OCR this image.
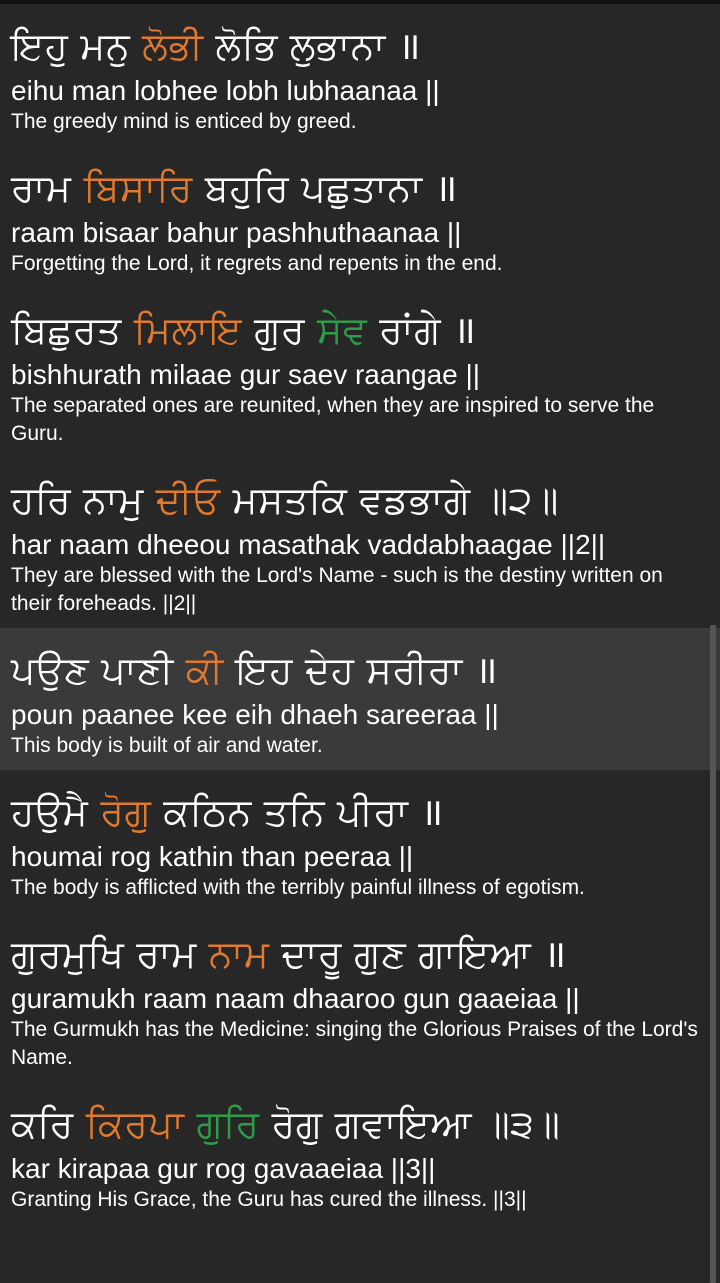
ਇਹੁ ਮਨੁ ਲੋਭੀ ਲੋਭਿ ਲੁਭਾਨਾ ॥
eihu man lobhee lobh lubhaanaa ||
The greedy mind is enticed by greed.
ਰਾਮ ਬਿਸਾਰਿ ਬਹੁਰਿ ਪਛੁਤਾਨਾ ॥
raam bisaar bahur pashhuthaanaa ||
Forgetting the Lord, it regrets and repents in the end.
ਬਿਛੁਰਤ ਮਿਲਾਇ ਗੁਰ ਸੇਵ ਰਾਂਗੇ ॥
bishhurath milaae gur saev raangae ||
The separated ones are reunited, when they are inspired to serve the Guru.
ਹਰਿ ਨਾਮੁ ਦੀਓ ਮਸਤਕਿ ਵਡਭਾਗੇ ॥੨॥
har naam dheeou masathak vaddabhaagae ||2||
They are blessed with the Lord's Name - such is the destiny written on their foreheads. ||2||
ਪਉਣ ਪਾਣੀ ਕੀ ਇਹ ਦੇਹ ਸਰੀਰਾ ॥
poun paanee kee eih dhaeh sareeraa ||
This body is built of air and water.
ਹਉਮੈ ਰੋਗੁ ਕਠਿਨ ਤਨਿ ਪੀਰਾ ॥
houmai rog kathin than peeraa ||
The body is afflicted with the terribly painful illness of egotism.
ਗੁਰਮੁਖਿ ਰਾਮ ਨਾਮ ਦਾਰੂ ਗੁਣ ਗਾਇਆ ॥
guramukh raam naam dhaaroo gun gaaeiaa ||
The Gurmukh has the Medicine: singing the Glorious Praises of the Lord's Name.
ਕਰਿ ਕਿਰਪਾ ਗੁਰਿ ਰੋਗੁ ਗਵਾਇਆ ॥੩॥
kar kirapaa gur rog gavaaeiaa ||3||
Granting His Grace, the Guru has cured the illness. ||3||
